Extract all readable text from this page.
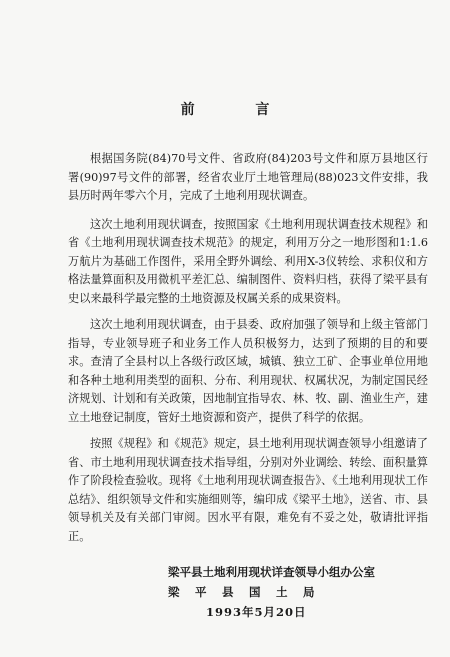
前 言

根据国务院(84)70号文件、省政府(84)203号文件和原万县地区行署(90)97号文件的部署，经省农业厅土地管理局(88)023文件安排，我县历时两年零六个月，完成了土地利用现状调查。

这次土地利用现状调查，按照国家《土地利用现状调查技术规程》和省《土地利用现状调查技术规范》的规定，利用万分之一地形图和1:1.6万航片为基础工作图件，采用全野外调绘、利用X-3仪转绘、求积仪和方格法量算面积及用微机平差汇总、编制图件、资料归档，获得了梁平县有史以来最科学最完整的土地资源及权属关系的成果资料。

这次土地利用现状调查，由于县委、政府加强了领导和上级主管部门指导，专业领导班子和业务工作人员积极努力，达到了预期的目的和要求。查清了全县村以上各级行政区域，城镇、独立工矿、企事业单位用地和各种土地利用类型的面积、分布、利用现状、权属状况，为制定国民经济规划、计划和有关政策，因地制宜指导农、林、牧、副、渔业生产，建立土地登记制度，管好土地资源和资产，提供了科学的依据。

按照《规程》和《规范》规定，县土地利用现状调查领导小组邀请了省、市土地利用现状调查技术指导组，分别对外业调绘、转绘、面积量算作了阶段检查验收。现将《土地利用现状调查报告》、《土地利用现状工作总结》、组织领导文件和实施细则等，编印成《梁平土地》，送省、市、县领导机关及有关部门审阅。因水平有限，难免有不妥之处，敬请批评指正。

梁平县土地利用现状详查领导小组办公室
梁平县国土局
1993年5月20日
